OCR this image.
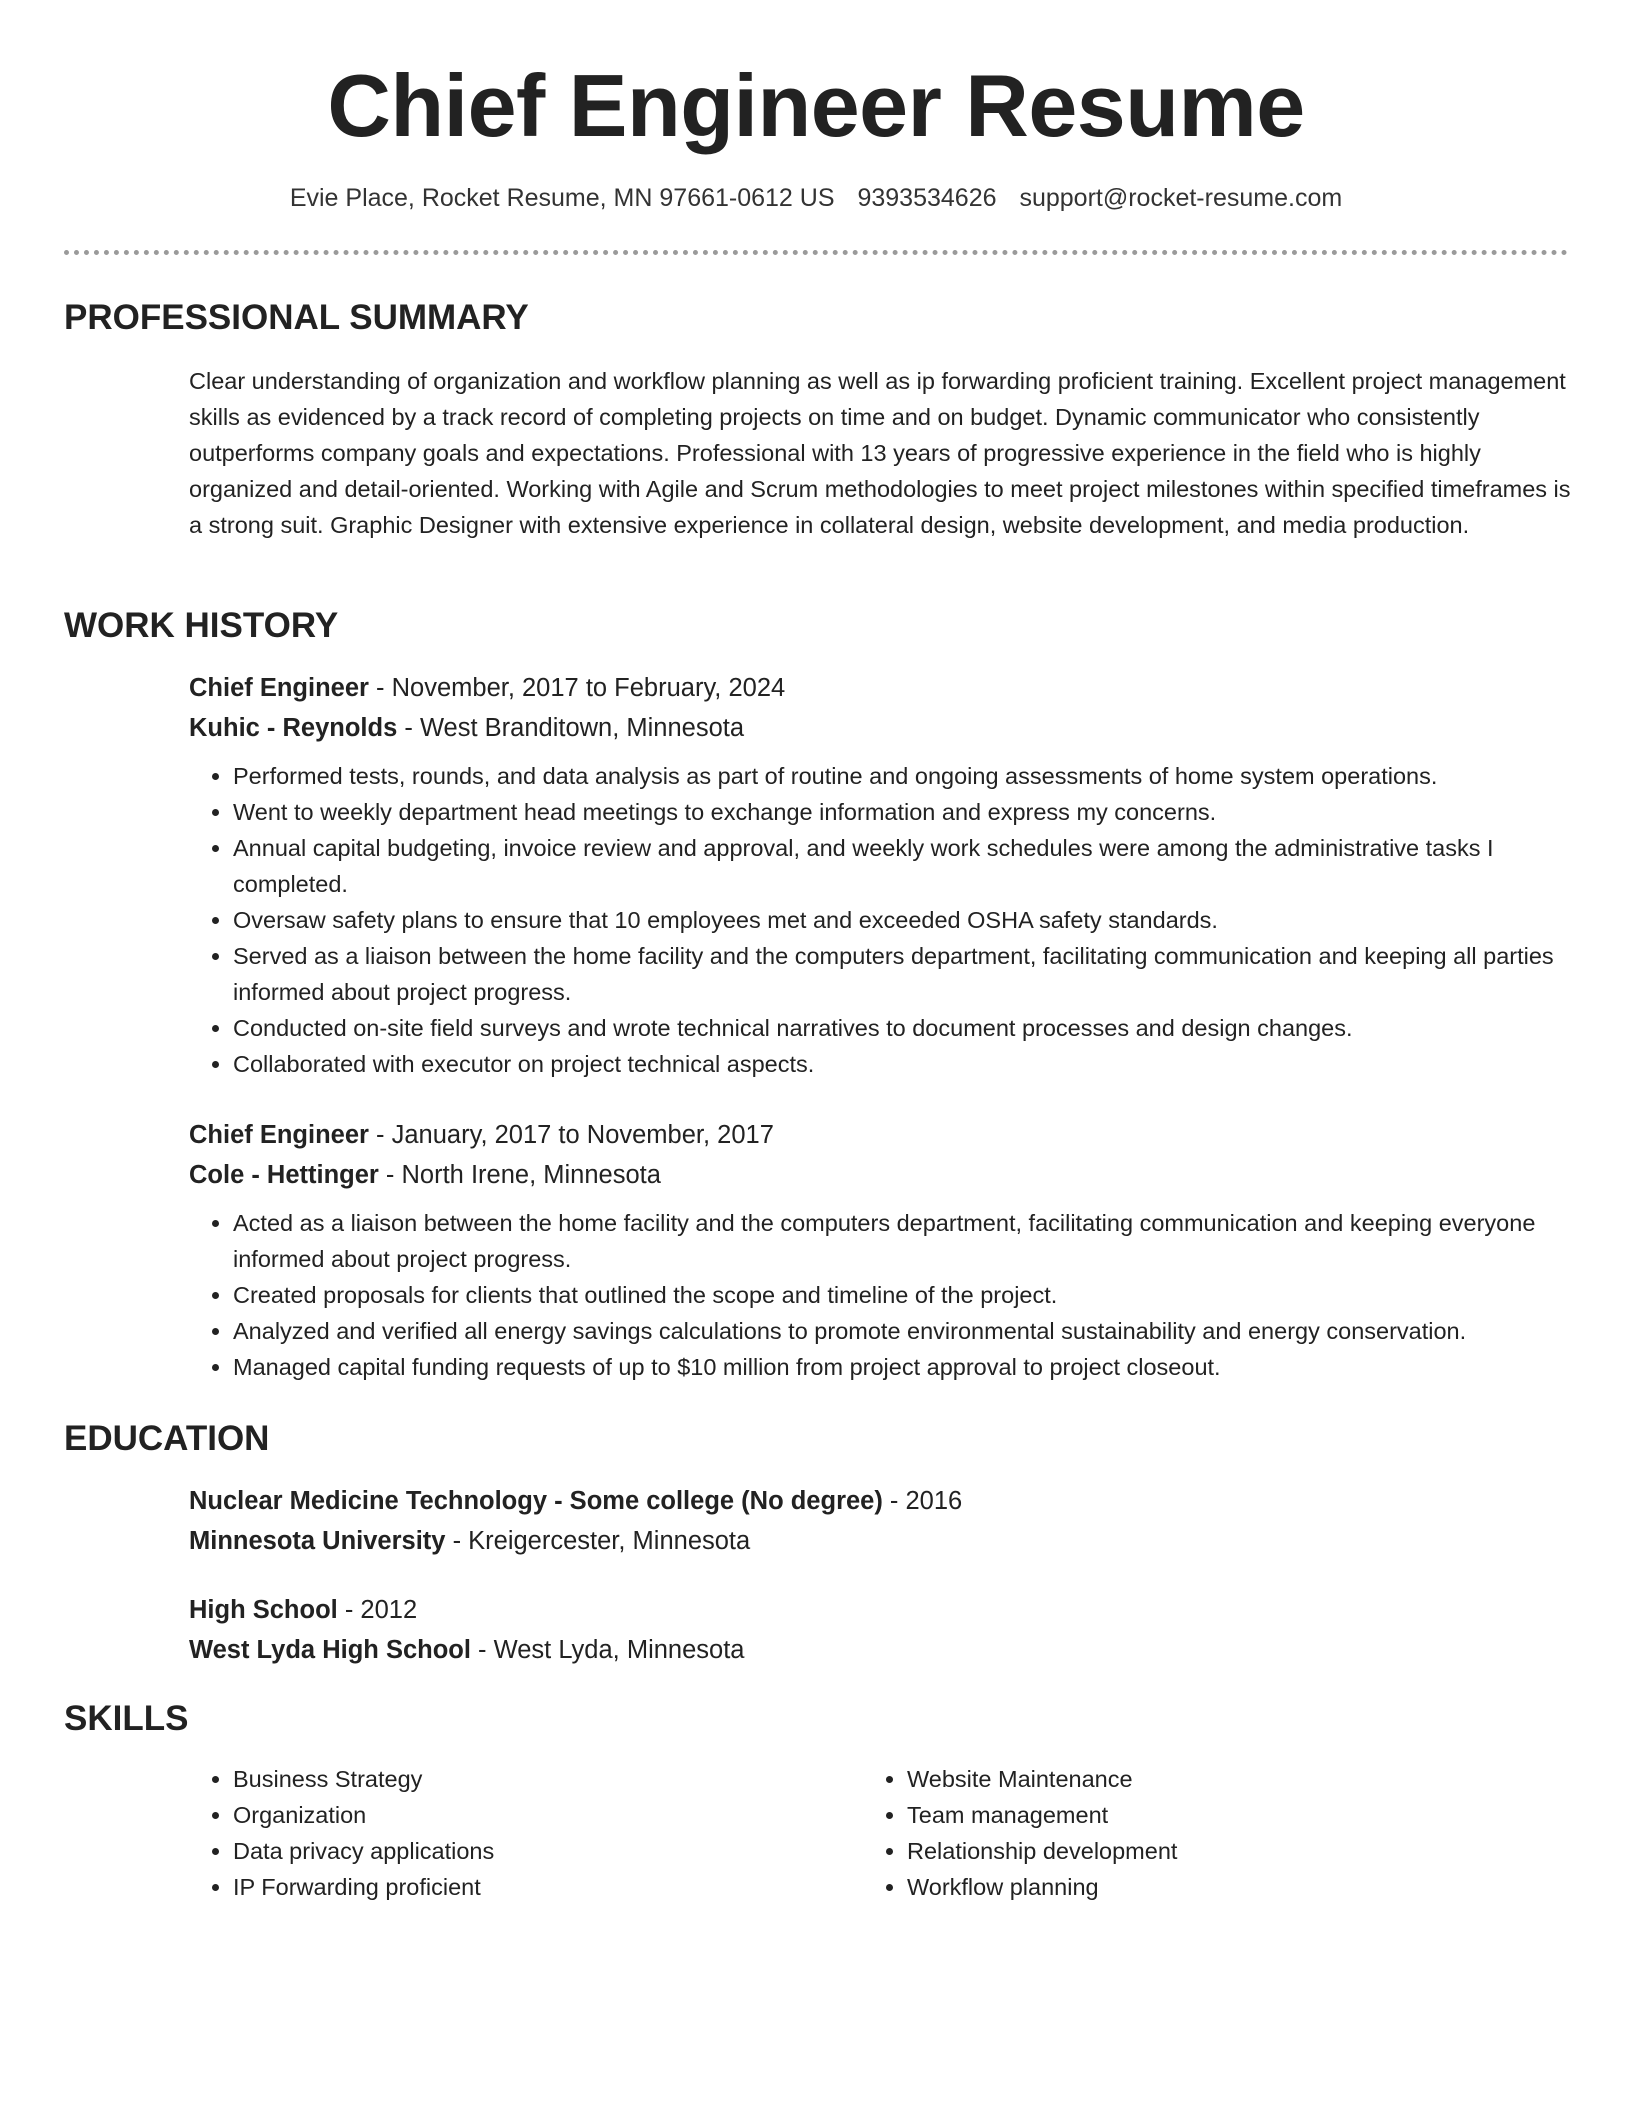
Chief Engineer Resume
Evie Place, Rocket Resume, MN 97661-0612 US 9393534626 support@rocket-resume.com
PROFESSIONAL SUMMARY

Clear understanding of organization and workflow planning as well as ip forwarding proficient training. Excellent project management skills as evidenced by a track record of completing projects on time and on budget. Dynamic communicator who consistently outperforms company goals and expectations. Professional with 13 years of progressive experience in the field who is highly organized and detail-oriented. Working with Agile and Scrum methodologies to meet project milestones within specified timeframes is a strong suit. Graphic Designer with extensive experience in collateral design, website development, and media production.

WORK HISTORY
Chief Engineer - November, 2017 to February, 2024
Kuhic - Reynolds - West Branditown, Minnesota
• Performed tests, rounds, and data analysis as part of routine and ongoing assessments of home system operations.
• Went to weekly department head meetings to exchange information and express my concerns.
• Annual capital budgeting, invoice review and approval, and weekly work schedules were among the administrative tasks I completed.
• Oversaw safety plans to ensure that 10 employees met and exceeded OSHA safety standards.
• Served as a liaison between the home facility and the computers department, facilitating communication and keeping all parties informed about project progress.
• Conducted on-site field surveys and wrote technical narratives to document processes and design changes.
• Collaborated with executor on project technical aspects.
Chief Engineer - January, 2017 to November, 2017
Cole - Hettinger - North Irene, Minnesota
• Acted as a liaison between the home facility and the computers department, facilitating communication and keeping everyone informed about project progress.
• Created proposals for clients that outlined the scope and timeline of the project.
• Analyzed and verified all energy savings calculations to promote environmental sustainability and energy conservation.
• Managed capital funding requests of up to $10 million from project approval to project closeout.
EDUCATION
Nuclear Medicine Technology - Some college (No degree) - 2016
Minnesota University - Kreigercester, Minnesota
High School - 2012
West Lyda High School - West Lyda, Minnesota
SKILLS
• Business Strategy
• Organization
• Data privacy applications
• IP Forwarding proficient
• Website Maintenance
• Team management
• Relationship development
• Workflow planning
